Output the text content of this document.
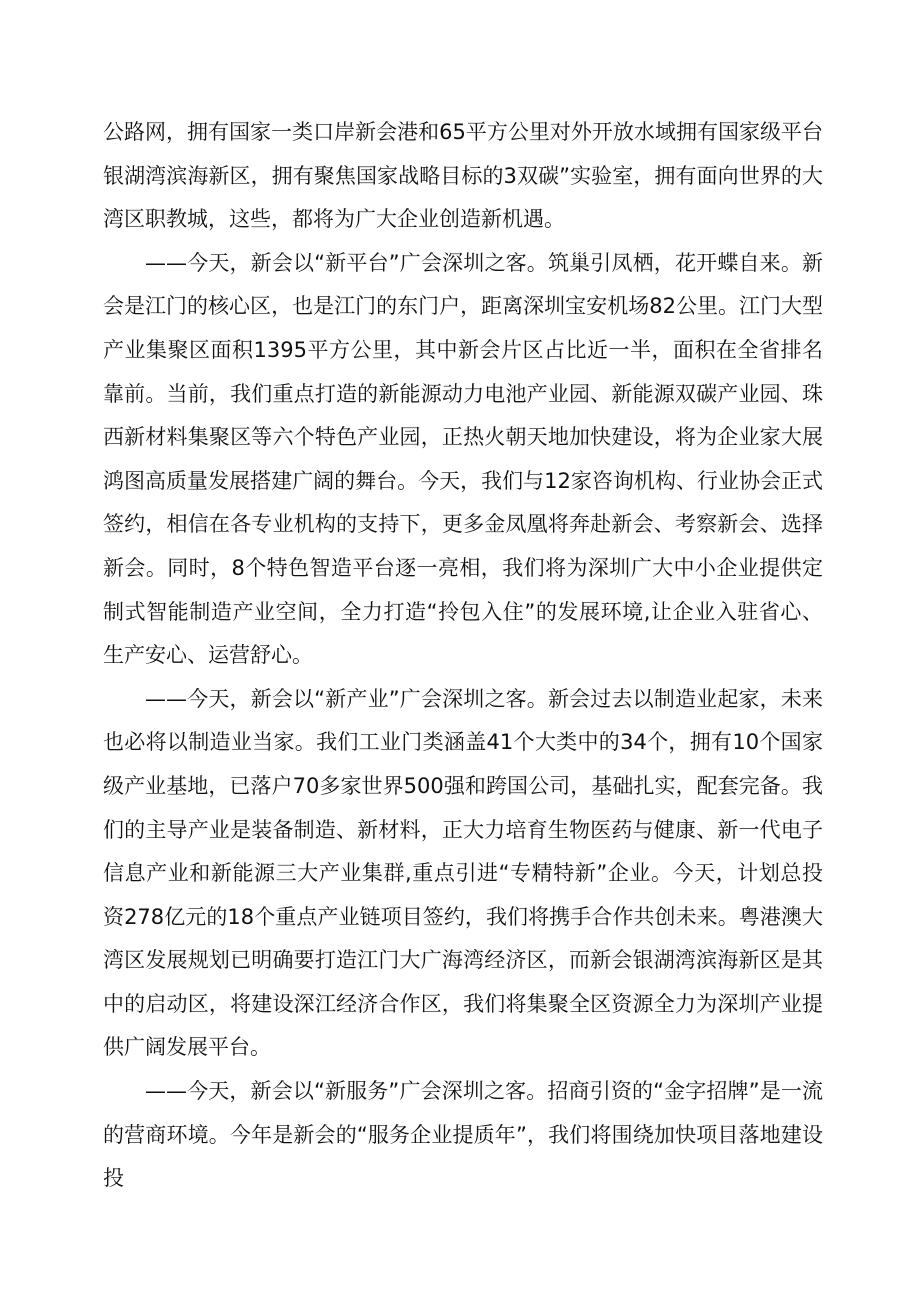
公路网，拥有国家一类口岸新会港和65平方公里对外开放水域拥有国家级平台银湖湾滨海新区，拥有聚焦国家战略目标的3双碳”实验室，拥有面向世界的大湾区职教城，这些，都将为广大企业创造新机遇。

——今天，新会以“新平台”广会深圳之客。筑巢引凤栖，花开蝶自来。新会是江门的核心区，也是江门的东门户，距离深圳宝安机场82公里。江门大型产业集聚区面积1395平方公里，其中新会片区占比近一半，面积在全省排名靠前。当前，我们重点打造的新能源动力电池产业园、新能源双碳产业园、珠西新材料集聚区等六个特色产业园，正热火朝天地加快建设，将为企业家大展鸿图高质量发展搭建广阔的舞台。今天，我们与12家咨询机构、行业协会正式签约，相信在各专业机构的支持下，更多金凤凰将奔赴新会、考察新会、选择新会。同时，8个特色智造平台逐一亮相，我们将为深圳广大中小企业提供定制式智能制造产业空间，全力打造“拎包入住”的发展环境,让企业入驻省心、生产安心、运营舒心。

——今天，新会以“新产业”广会深圳之客。新会过去以制造业起家，未来也必将以制造业当家。我们工业门类涵盖41个大类中的34个，拥有10个国家级产业基地，已落户70多家世界500强和跨国公司，基础扎实，配套完备。我们的主导产业是装备制造、新材料，正大力培育生物医药与健康、新一代电子信息产业和新能源三大产业集群,重点引进“专精特新”企业。今天，计划总投资278亿元的18个重点产业链项目签约，我们将携手合作共创未来。粤港澳大湾区发展规划已明确要打造江门大广海湾经济区，而新会银湖湾滨海新区是其中的启动区，将建设深江经济合作区，我们将集聚全区资源全力为深圳产业提供广阔发展平台。

——今天，新会以“新服务”广会深圳之客。招商引资的“金字招牌”是一流的营商环境。今年是新会的“服务企业提质年”，我们将围绕加快项目落地建设投
